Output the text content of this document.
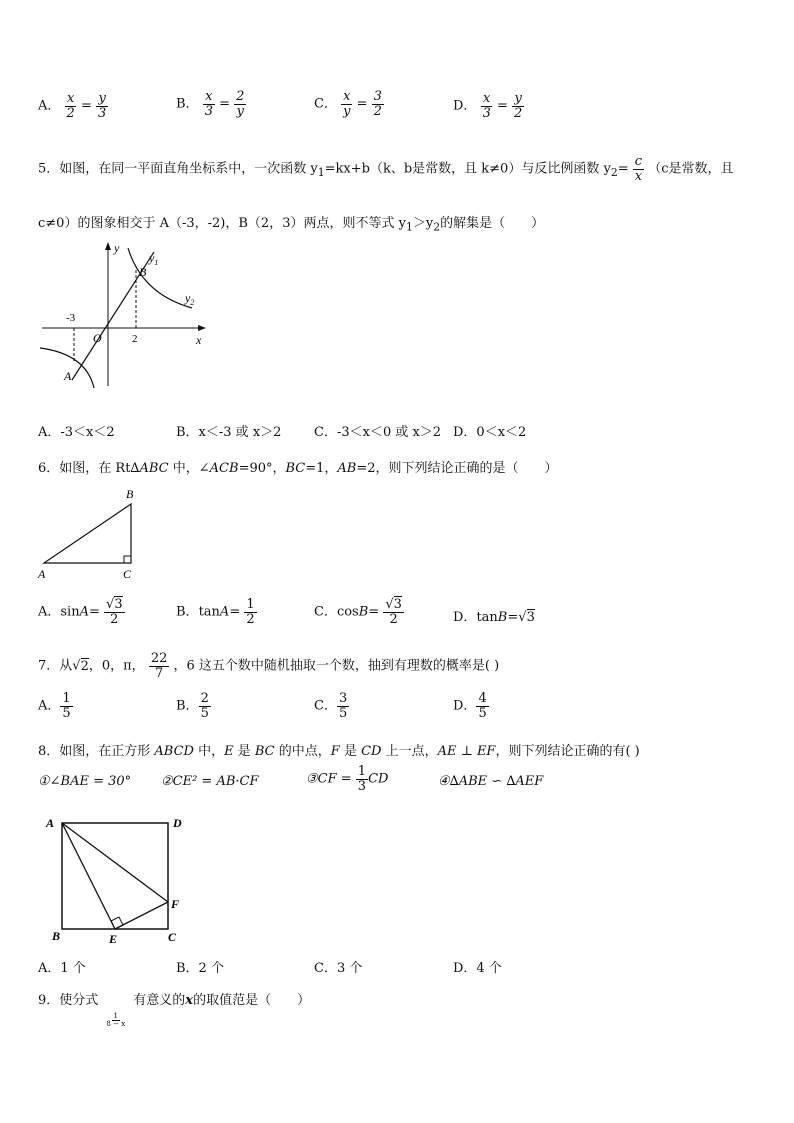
A． $\frac{x}{2} = \frac{y}{3}$	B． $\frac{x}{3} = \frac{2}{y}$	C． $\frac{x}{y} = \frac{3}{2}$	D． $\frac{x}{3} = \frac{y}{2}$
5．如图，在同一平面直角坐标系中，一次函数 $y_1=kx+b(k$、b是常数，且 k≠0）与反比例函数 $y_2= \frac{c}{x} (c$是常数，且
c≠0）的图象相交于 A（-3，-2)，B（2，3）两点，则不等式 $y_1>y_2$的解集是（　　）
y
x
O
-3
2
A
B
$y_1$
$y_2$
A．-3＜x＜2	B．x＜-3 或 x＞2	C．-3＜x＜0 或 x＞2 D．0＜x＜2
6．如图，在 Rt∆ABC 中，∠ACB=90°，BC=1，AB=2，则下列结论正确的是（　　）
A
B
C
A．$\sin A= \frac{√3}{2}$	B．$\tan A= \frac{1}{2}$	C．$\cos B= \frac{√3}{2}$	D．tanB=√3
7．从√2，0，π， $\frac{22}{7}$ ，6 这五个数中随机抽取一个数，抽到有理数的概率是( )
A． $\frac{1}{5}$	B． $\frac{2}{5}$	C． $\frac{3}{5}$	D． $\frac{4}{5}$
8．如图，在正方形 ABCD 中，E 是 BC 的中点，F 是 CD 上一点，AE ⊥ EF，则下列结论正确的有( )
①∠BAE = 30° ②CE² = AB·CF	③CF = $\frac{1}{3}$ CD	④∆ABE ∽ ∆AEF
A	D
B	C
E
F
A．1 个	B．2 个	C．3 个	D．4 个
9．使分式
$\frac{1}{8 - x}$
有意义的x的取值范是（　　）
